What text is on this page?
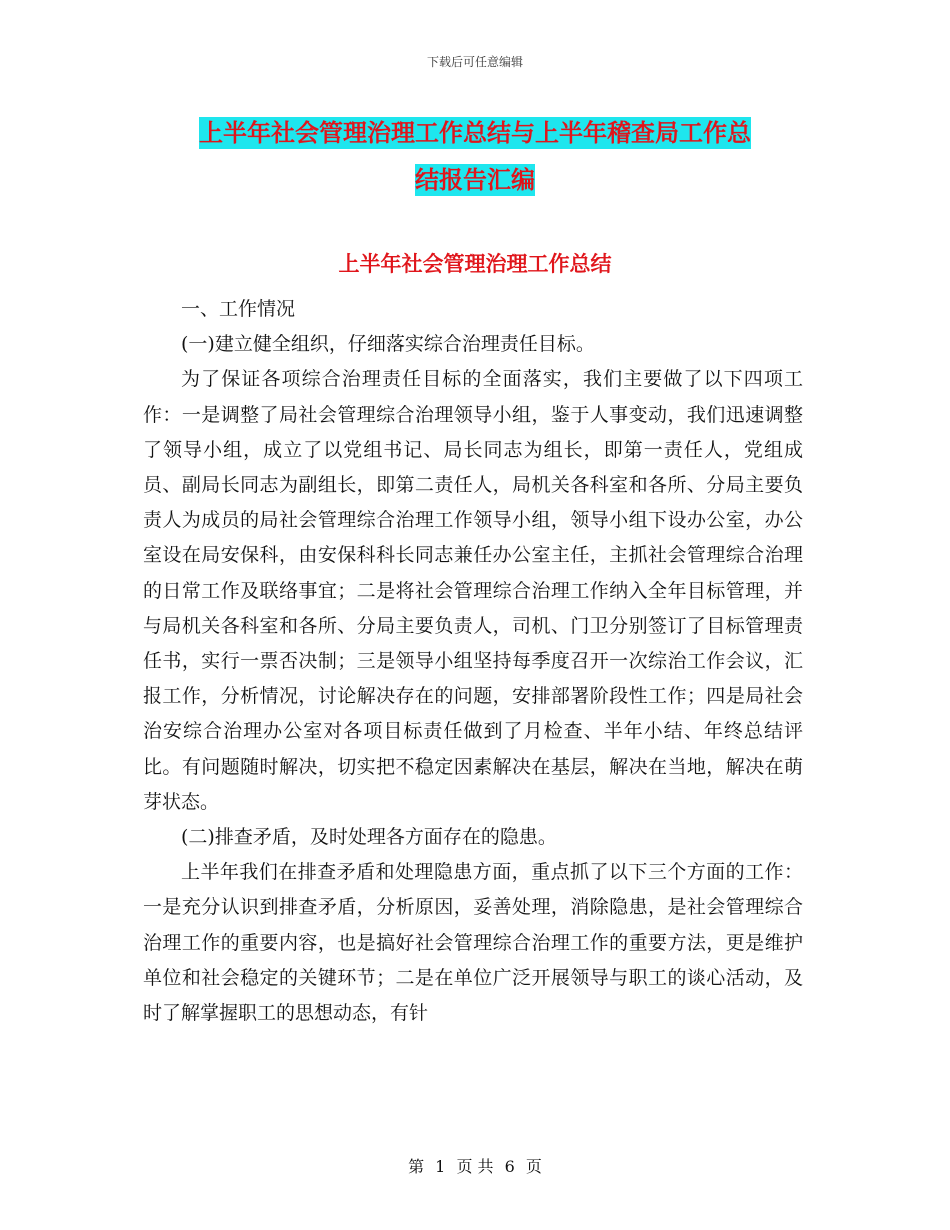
下载后可任意编辑
上半年社会管理治理工作总结与上半年稽查局工作总
结报告汇编
上半年社会管理治理工作总结

一、工作情况

(一)建立健全组织，仔细落实综合治理责任目标。

为了保证各项综合治理责任目标的全面落实，我们主要做了以下四项工作：一是调整了局社会管理综合治理领导小组，鉴于人事变动，我们迅速调整了领导小组，成立了以党组书记、局长同志为组长，即第一责任人，党组成员、副局长同志为副组长，即第二责任人，局机关各科室和各所、分局主要负责人为成员的局社会管理综合治理工作领导小组，领导小组下设办公室，办公室设在局安保科，由安保科科长同志兼任办公室主任，主抓社会管理综合治理的日常工作及联络事宜；二是将社会管理综合治理工作纳入全年目标管理，并与局机关各科室和各所、分局主要负责人，司机、门卫分别签订了目标管理责任书，实行一票否决制；三是领导小组坚持每季度召开一次综治工作会议，汇报工作，分析情况，讨论解决存在的问题，安排部署阶段性工作；四是局社会治安综合治理办公室对各项目标责任做到了月检查、半年小结、年终总结评比。有问题随时解决，切实把不稳定因素解决在基层，解决在当地，解决在萌芽状态。

(二)排查矛盾，及时处理各方面存在的隐患。

上半年我们在排查矛盾和处理隐患方面，重点抓了以下三个方面的工作：一是充分认识到排查矛盾，分析原因，妥善处理，消除隐患，是社会管理综合治理工作的重要内容，也是搞好社会管理综合治理工作的重要方法，更是维护单位和社会稳定的关键环节；二是在单位广泛开展领导与职工的谈心活动，及时了解掌握职工的思想动态，有针

第 1 页 共 6 页
